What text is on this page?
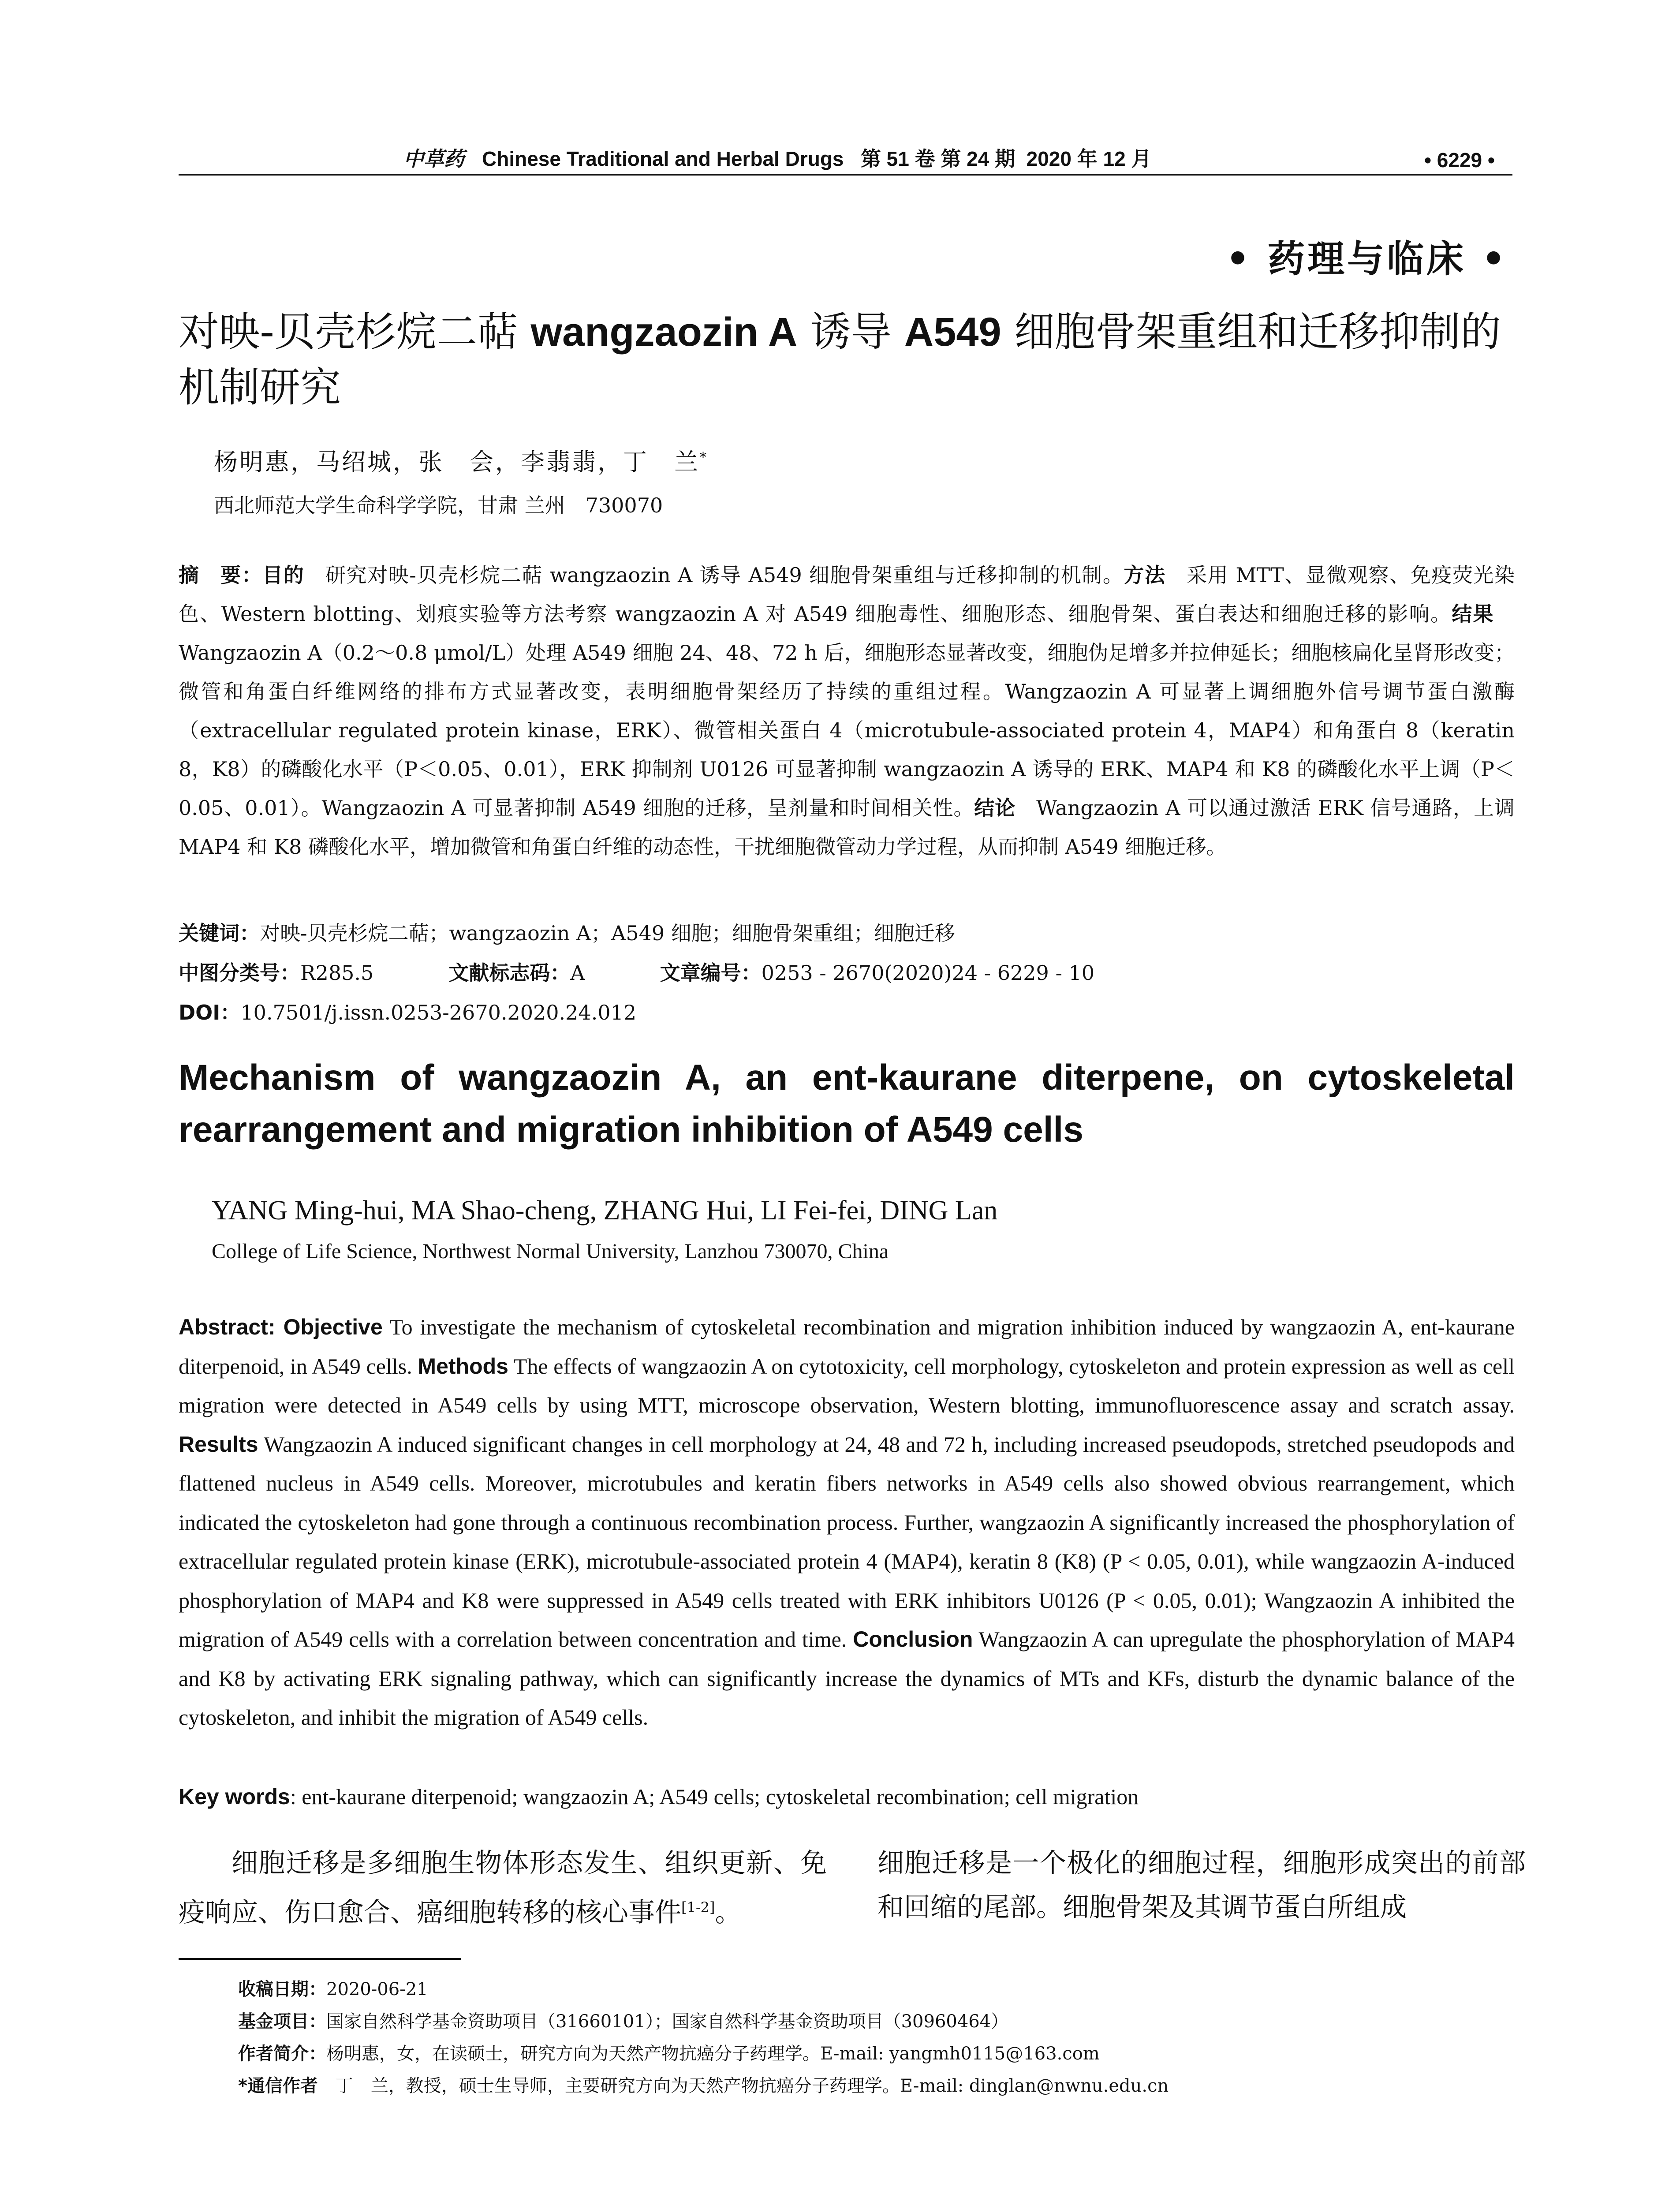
中草药 Chinese Traditional and Herbal Drugs   第 51 卷 第 24 期  2020 年 12 月	• 6229 •
• 药理与临床 •
对映-贝壳杉烷二萜 wangzaozin A 诱导 A549 细胞骨架重组和迁移抑制的机制研究
杨明惠，马绍城，张　会，李翡翡，丁　兰*
西北师范大学生命科学学院，甘肃 兰州　730070
摘　要：目的　研究对映-贝壳杉烷二萜 wangzaozin A 诱导 A549 细胞骨架重组与迁移抑制的机制。方法　采用 MTT、显微观察、免疫荧光染色、Western blotting、划痕实验等方法考察 wangzaozin A 对 A549 细胞毒性、细胞形态、细胞骨架、蛋白表达和细胞迁移的影响。结果　Wangzaozin A（0.2～0.8 μmol/L）处理 A549 细胞 24、48、72 h 后，细胞形态显著改变，细胞伪足增多并拉伸延长；细胞核扁化呈肾形改变；微管和角蛋白纤维网络的排布方式显著改变，表明细胞骨架经历了持续的重组过程。Wangzaozin A 可显著上调细胞外信号调节蛋白激酶（extracellular regulated protein kinase，ERK）、微管相关蛋白 4（microtubule-associated protein 4，MAP4）和角蛋白 8（keratin 8，K8）的磷酸化水平（P＜0.05、0.01），ERK 抑制剂 U0126 可显著抑制 wangzaozin A 诱导的 ERK、MAP4 和 K8 的磷酸化水平上调（P＜0.05、0.01）。Wangzaozin A 可显著抑制 A549 细胞的迁移，呈剂量和时间相关性。结论　Wangzaozin A 可以通过激活 ERK 信号通路，上调 MAP4 和 K8 磷酸化水平，增加微管和角蛋白纤维的动态性，干扰细胞微管动力学过程，从而抑制 A549 细胞迁移。
关键词：对映-贝壳杉烷二萜；wangzaozin A；A549 细胞；细胞骨架重组；细胞迁移
中图分类号：R285.5	文献标志码：A	文章编号：0253 - 2670(2020)24 - 6229 - 10
DOI：10.7501/j.issn.0253-2670.2020.24.012
Mechanism of wangzaozin A, an ent-kaurane diterpene, on cytoskeletal rearrangement and migration inhibition of A549 cells
YANG Ming-hui, MA Shao-cheng, ZHANG Hui, LI Fei-fei, DING Lan
College of Life Science, Northwest Normal University, Lanzhou 730070, China
Abstract: Objective To investigate the mechanism of cytoskeletal recombination and migration inhibition induced by wangzaozin A, ent-kaurane diterpenoid, in A549 cells. Methods The effects of wangzaozin A on cytotoxicity, cell morphology, cytoskeleton and protein expression as well as cell migration were detected in A549 cells by using MTT, microscope observation, Western blotting, immunofluorescence assay and scratch assay. Results Wangzaozin A induced significant changes in cell morphology at 24, 48 and 72 h, including increased pseudopods, stretched pseudopods and flattened nucleus in A549 cells. Moreover, microtubules and keratin fibers networks in A549 cells also showed obvious rearrangement, which indicated the cytoskeleton had gone through a continuous recombination process. Further, wangzaozin A significantly increased the phosphorylation of extracellular regulated protein kinase (ERK), microtubule-associated protein 4 (MAP4), keratin 8 (K8) (P < 0.05, 0.01), while wangzaozin A-induced phosphorylation of MAP4 and K8 were suppressed in A549 cells treated with ERK inhibitors U0126 (P < 0.05, 0.01); Wangzaozin A inhibited the migration of A549 cells with a correlation between concentration and time. Conclusion Wangzaozin A can upregulate the phosphorylation of MAP4 and K8 by activating ERK signaling pathway, which can significantly increase the dynamics of MTs and KFs, disturb the dynamic balance of the cytoskeleton, and inhibit the migration of A549 cells.
Key words: ent-kaurane diterpenoid; wangzaozin A; A549 cells; cytoskeletal recombination; cell migration
细胞迁移是多细胞生物体形态发生、组织更新、免疫响应、伤口愈合、癌细胞转移的核心事件[1-2]。
细胞迁移是一个极化的细胞过程，细胞形成突出的前部和回缩的尾部。细胞骨架及其调节蛋白所组成
收稿日期：2020-06-21
基金项目：国家自然科学基金资助项目（31660101）；国家自然科学基金资助项目（30960464）
作者简介：杨明惠，女，在读硕士，研究方向为天然产物抗癌分子药理学。E-mail: yangmh0115@163.com
*通信作者　丁　兰，教授，硕士生导师，主要研究方向为天然产物抗癌分子药理学。E-mail: dinglan@nwnu.edu.cn
